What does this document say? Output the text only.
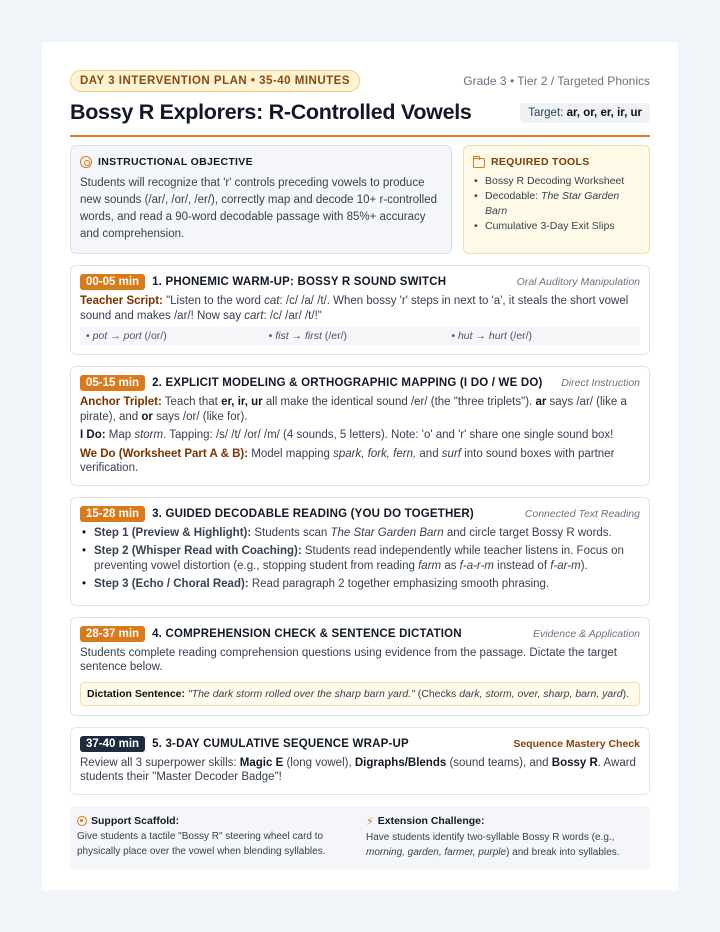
DAY 3 INTERVENTION PLAN • 35-40 MINUTES	Grade 3 • Tier 2 / Targeted Phonics
Bossy R Explorers: R-Controlled Vowels	Target: ar, or, er, ir, ur
INSTRUCTIONAL OBJECTIVE

Students will recognize that 'r' controls preceding vowels to produce new sounds (/ar/, /or/, /er/), correctly map and decode 10+ r-controlled words, and read a 90-word decodable passage with 85%+ accuracy and comprehension.

REQUIRED TOOLS
• Bossy R Decoding Worksheet
• Decodable: The Star Garden Barn
• Cumulative 3-Day Exit Slips
00-05 min	1. PHONEMIC WARM-UP: BOSSY R SOUND SWITCH	Oral Auditory Manipulation

Teacher Script: "Listen to the word cat: /c/ /a/ /t/. When bossy 'r' steps in next to 'a', it steals the short vowel sound and makes /ar/! Now say cart: /c/ /ar/ /t/!"

• pot → port (/or/)	• fist → first (/er/)	• hut → hurt (/er/)
05-15 min	2. EXPLICIT MODELING & ORTHOGRAPHIC MAPPING (I DO / WE DO)	Direct Instruction

Anchor Triplet: Teach that er, ir, ur all make the identical sound /er/ (the "three triplets"). ar says /ar/ (like a pirate), and or says /or/ (like for).

I Do: Map storm. Tapping: /s/ /t/ /or/ /m/ (4 sounds, 5 letters). Note: 'o' and 'r' share one single sound box!

We Do (Worksheet Part A & B): Model mapping spark, fork, fern, and surf into sound boxes with partner verification.

15-28 min	3. GUIDED DECODABLE READING (YOU DO TOGETHER)	Connected Text Reading
• Step 1 (Preview & Highlight): Students scan The Star Garden Barn and circle target Bossy R words.
• Step 2 (Whisper Read with Coaching): Students read independently while teacher listens in. Focus on preventing vowel distortion (e.g., stopping student from reading farm as f-a-r-m instead of f-ar-m).
• Step 3 (Echo / Choral Read): Read paragraph 2 together emphasizing smooth phrasing.
28-37 min	4. COMPREHENSION CHECK & SENTENCE DICTATION	Evidence & Application

Students complete reading comprehension questions using evidence from the passage. Dictate the target sentence below.

Dictation Sentence: "The dark storm rolled over the sharp barn yard." (Checks dark, storm, over, sharp, barn, yard).
37-40 min	5. 3-DAY CUMULATIVE SEQUENCE WRAP-UP	Sequence Mastery Check

Review all 3 superpower skills: Magic E (long vowel), Digraphs/Blends (sound teams), and Bossy R. Award students their "Master Decoder Badge"!

Support Scaffold:

Give students a tactile "Bossy R" steering wheel card to physically place over the vowel when blending syllables.

⚡ Extension Challenge:

Have students identify two-syllable Bossy R words (e.g., morning, garden, farmer, purple) and break into syllables.
